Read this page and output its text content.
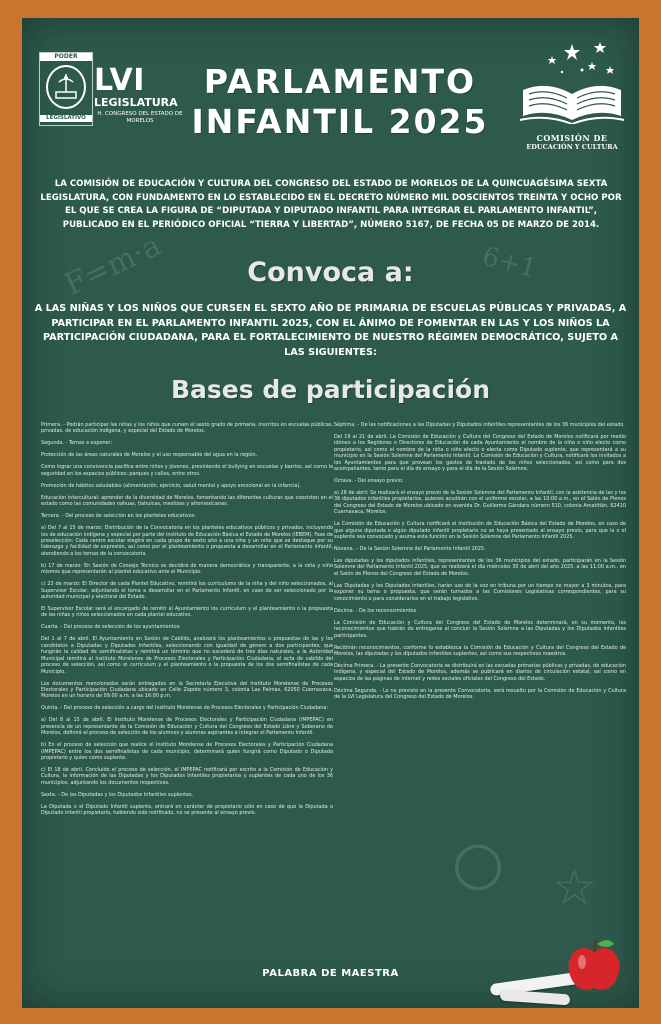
F=m·a	6+1
☆
○
PODER
LEGISLATIVO
LVI
LEGISLATURA
H. CONGRESO DEL ESTADO DE MORELOS
PARLAMENTO
INFANTIL 2025	COMISIÓN DE
EDUCACIÓN Y CULTURA
LA COMISIÓN DE EDUCACIÓN Y CULTURA DEL CONGRESO DEL ESTADO DE MORELOS DE LA QUINCUAGÉSIMA SEXTA LEGISLATURA, CON FUNDAMENTO EN LO ESTABLECIDO EN EL DECRETO NÚMERO MIL DOSCIENTOS TREINTA Y OCHO POR EL QUE SE CREA LA FIGURA DE “DIPUTADA Y DIPUTADO INFANTIL PARA INTEGRAR EL PARLAMENTO INFANTIL”, PUBLICADO EN EL PERIÓDICO OFICIAL “TIERRA Y LIBERTAD”, NÚMERO 5167, DE FECHA 05 DE MARZO DE 2014.
Convoca a:
A LAS NIÑAS Y LOS NIÑOS QUE CURSEN EL SEXTO AÑO DE PRIMARIA DE ESCUELAS PÚBLICAS Y PRIVADAS, A PARTICIPAR EN EL PARLAMENTO INFANTIL 2025, CON EL ÁNIMO DE FOMENTAR EN LAS Y LOS NIÑOS LA PARTICIPACIÓN CIUDADANA, PARA EL FORTALECIMIENTO DE NUESTRO RÉGIMEN DEMOCRÁTICO, SUJETO A LAS SIGUIENTES:
Bases de participación

Primera. - Podrán participar las niñas y los niños que cursen el sexto grado de primaria, inscritos en escuelas públicas, privadas, de educación indígena, y especial del Estado de Morelos.

Segunda. - Temas a exponer:

Protección de las áreas naturales de Morelos y el uso responsable del agua en la región.

Como lograr una convivencia pacífica entre niños y jóvenes, previniendo el bullying en escuelas y barrios, así como la seguridad en los espacios públicos: parques y calles, entre otros.

Promoción de hábitos saludables (alimentación, ejercicio, salud mental y apoyo emocional en la infancia).

Educación intercultural: aprender de la diversidad de Morelos, fomentando las diferentes culturas que coexisten en el estado como las comunidades nahuas, tlahuicas, mestizas y afromexicanas.

Tercera. - Del proceso de selección en los planteles educativos:

a) Del 7 al 15 de marzo: Distribución de la Convocatoria en los planteles educativos públicos y privados, incluyendo los de educación indígena y especial por parte del Instituto de Educación Básica el Estado de Morelos (IEBEM). Fase de preselección: Cada centro escolar elegirá en cada grupo de sexto año a una niña y un niño que se destaque por su liderazgo y facilidad de expresión, así como por el planteamiento o propuesta a desarrollar en el Parlamento Infantil, atendiendo a los temas de la convocatoria.

b) 17 de marzo: En Sesión de Consejo Técnico se decidirá de manera democrática y transparente, a la niña y niño mismos que representarán al plantel educativo ante el Municipio.

c) 23 de marzo: El Director de cada Plantel Educativo, remitirá los currículums de la niña y del niño seleccionados, al Supervisor Escolar, adjuntando el tema a desarrollar en el Parlamento Infantil, en caso de ser seleccionado por la autoridad municipal y electoral del Estado.

El Supervisor Escolar será el encargado de remitir al Ayuntamiento los currículum y el planteamiento o la propuesta de las niñas y niños seleccionados en cada plantel educativo.

Cuarta. - Del proceso de selección de los ayuntamientos:

Del 1 al 7 de abril. El Ayuntamiento en Sesión de Cabildo, analizará los planteamientos o propuestas de las y los candidatos a Diputadas y Diputados Infantiles, seleccionando con igualdad de género a dos participantes, que fungirán la calidad de semifinalistas y remitirá un término que no excederá de tres días naturales, a la Autoridad Municipal remitirá al Instituto Morelense de Procesos Electorales y Participación Ciudadana, el acta de cabildo del proceso de selección, así como el currículum y el planteamiento o la propuesta de los dos semifinalistas de cada Municipio.

Los documentos mencionados serán entregados en la Secretaría Ejecutiva del Instituto Morelense de Procesos Electorales y Participación Ciudadana ubicado en Calle Zapote número 3, colonia Las Palmas, 62050 Cuernavaca, Morelos en un horario de 09:00 a.m. a las 16:00 p.m.

Quinta. - Del proceso de selección a cargo del Instituto Morelense de Procesos Electorales y Participación Ciudadana:

a) Del 8 al 15 de abril. El Instituto Morelense de Procesos Electorales y Participación Ciudadana (IMPEPAC) en presencia de un representante de la Comisión de Educación y Cultura del Congreso del Estado Libre y Soberano de Morelos, definirá el proceso de selección de los alumnos y alumnas aspirantes a integrar el Parlamento Infantil.

b) En el proceso de selección que realice el Instituto Morelense de Procesos Electorales y Participación Ciudadana (IMPEPAC) entre los dos semifinalistas de cada municipio, determinará quien fungirá como Diputado o Diputada propietario y quien como suplente.

c) El 18 de abril. Concluido el proceso de selección, el IMPEPAC notificará por escrito a la Comisión de Educación y Cultura, la información de las Diputadas y los Diputados Infantiles propietarios y suplentes de cada uno de los 36 municipios, adjuntando los documentos respectivos.

Sexta. - De las Diputadas y los Diputados Infantiles suplentes.

La Diputada o el Diputado Infantil suplente, entrará en carácter de propietario sólo en caso de que la Diputada o Diputado infantil propietario, habiendo sido notificado, no se presente al ensayo previo.

Séptima. - De las notificaciones a las Diputadas y Diputados infantiles representantes de los 36 municipios del estado.

Del 19 al 21 de abril. La Comisión de Educación y Cultura del Congreso del Estado de Morelos notificará por medio idóneo a los Regidores o Directores de Educación de cada Ayuntamiento el nombre de la niña o niño electo como propietario, así como el nombre de la niña o niño electo o electa como Diputado suplente, que representará a su municipio en la Sesión Solemne del Parlamento Infantil. La Comisión de Educación y Cultura, notificará los invitados a los Ayuntamientos para que provean los gastos de traslado de los niños seleccionados, así como para dos acompañantes, tanto para el día de ensayo y para el día de la Sesión Solemne.

Octava. - Del ensayo previo:

a) 28 de abril: Se realizará el ensayo previo de la Sesión Solemne del Parlamento Infantil, con la asistencia de las y los 36 diputados infantiles propietarios, quienes acudirán con el uniforme escolar, a las 10:00 a.m., en el Salón de Plenos del Congreso del Estado de Morelos ubicado en avenida Dr. Guillermo Gándara número 510, colonia Amatitlán, 62410 Cuernavaca, Morelos.

La Comisión de Educación y Cultura notificará al Institución de Educación Básica del Estado de Morelos, en caso de que alguna diputada o algún diputado infantil propietario no se haya presentado al ensayo previo, para que la o el suplente sea convocado y asuma esta función en la Sesión Solemne del Parlamento Infantil 2025.

Novena. – De la Sesión Solemne del Parlamento Infantil 2025.

Las diputadas y los diputados infantiles, representantes de los 36 municipios del estado, participarán en la Sesión Solemne del Parlamento Infantil 2025, que se realizará el día miércoles 30 de abril del año 2025, a las 11:00 a.m., en el Salón de Plenos del Congreso del Estado de Morelos.

Las Diputadas y los Diputados infantiles, harán uso de la voz en tribuna por un tiempo no mayor a 3 minutos, para exponer su tema o propuesta, que serán turnados a las Comisiones Legislativas correspondientes, para su conocimiento o para considerarlos en el trabajo legislativo.

Décima. - De los reconocimientos

La Comisión de Educación y Cultura del Congreso del Estado de Morelos determinará, en su momento, los reconocimientos que habrán de entregarse al concluir la Sesión Solemne a las Diputadas y los Diputados infantiles participantes.

Recibirán reconocimientos, conforme lo establezca la Comisión de Educación y Cultura del Congreso del Estado de Morelos, las diputadas y los diputados infantiles suplentes, así como sus respectivos maestros.

Décima Primera. - La presente Convocatoria se distribuirá en las escuelas primarias públicas y privadas, de educación indígena, y especial del Estado de Morelos, además se publicará en diarios de circulación estatal, así como en espacios de las páginas de internet y redes sociales oficiales del Congreso del Estado.

Décima Segunda. - Lo no previsto en la presente Convocatoria, será resuelto por la Comisión de Educación y Cultura de la LVI Legislatura del Congreso del Estado de Morelos.

PALABRA DE MAESTRA
